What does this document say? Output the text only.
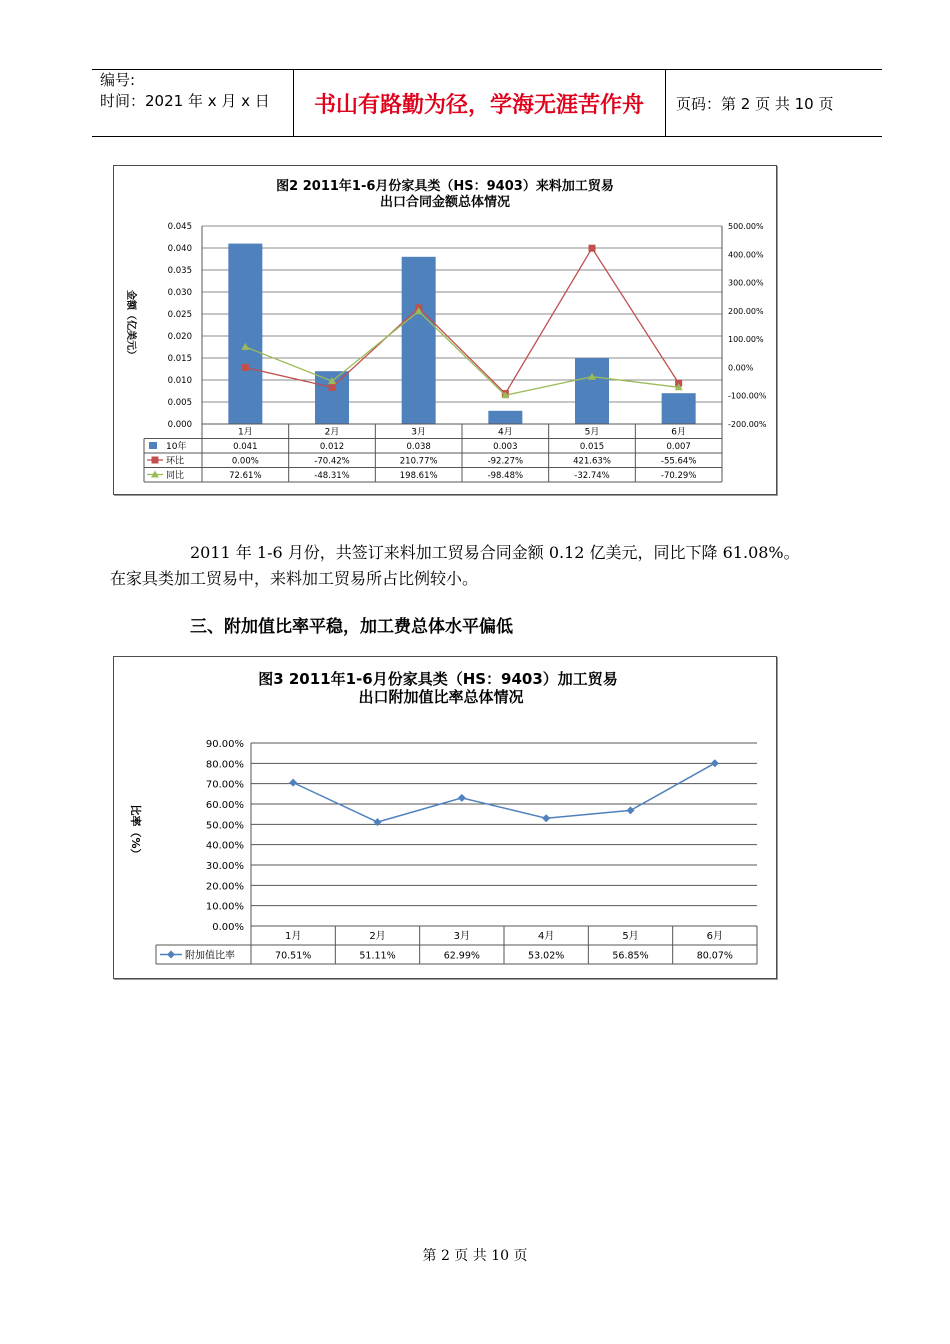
编号:
时间：2021 年 x 月 x 日	书山有路勤为径，学海无涯苦作舟	页码：第 2 页 共 10 页
图2 2011年1-6月份家具类（HS：9403）来料加工贸易
出口合同金额总体情况
0.000
0.005
0.010
0.015
0.020
0.025
0.030
0.035
0.040
0.045
-200.00%
-100.00%
0.00%
100.00%
200.00%
300.00%
400.00%
500.00%
金额（亿美元）
1月	2月	3月	4月	5月	6月
10年	0.041	0.012	0.038	0.003	0.015	0.007
环比	0.00%	-70.42%	210.77%	-92.27%	421.63%	-55.64%
同比	72.61%	-48.31%	198.61%	-98.48%	-32.74%	-70.29%
2011 年 1-6 月份，共签订来料加工贸易合同金额 0.12 亿美元，同比下降 61.08%。在家具类加工贸易中，来料加工贸易所占比例较小。
三、附加值比率平稳，加工费总体水平偏低
图3 2011年1-6月份家具类（HS：9403）加工贸易
出口附加值比率总体情况
0.00%
10.00%
20.00%
30.00%
40.00%
50.00%
60.00%
70.00%
80.00%
90.00%
比率（%）
1月	2月	3月	4月	5月	6月
附加值比率	70.51%	51.11%	62.99%	53.02%	56.85%	80.07%
第 2 页 共 10 页
